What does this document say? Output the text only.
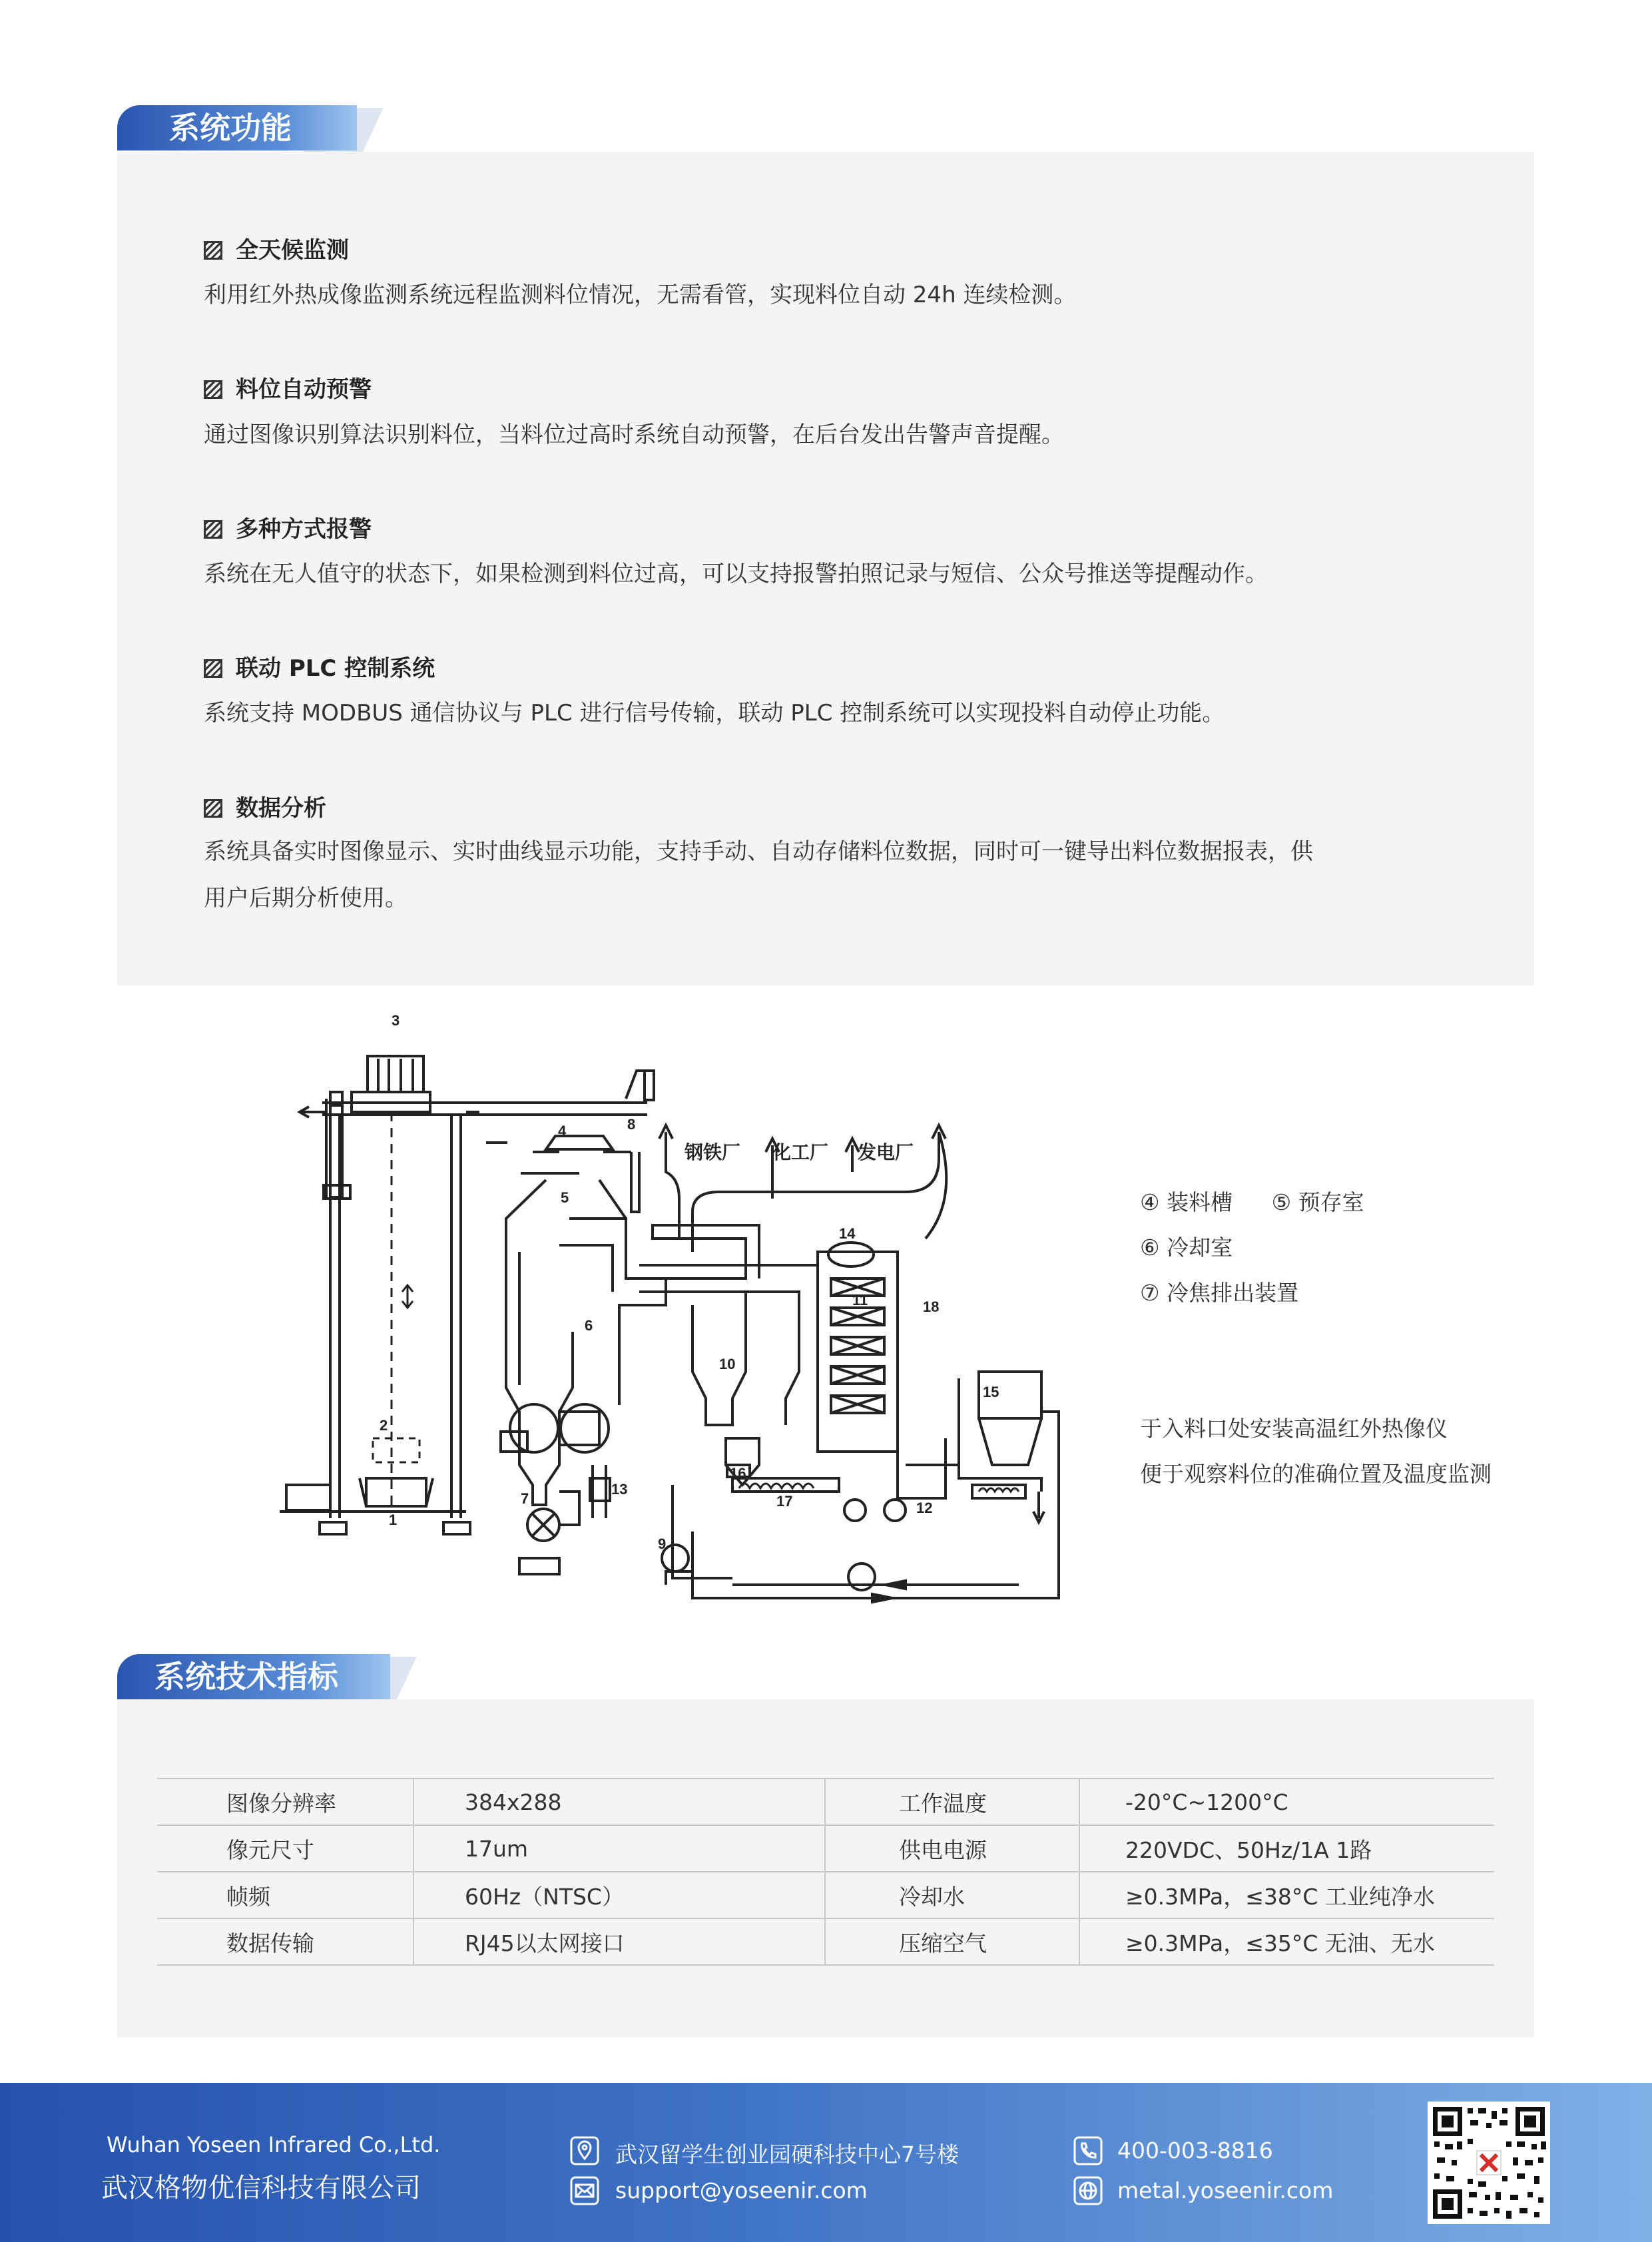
系统功能
全天候监测
利用红外热成像监测系统远程监测料位情况，无需看管，实现料位自动 24h 连续检测。
料位自动预警
通过图像识别算法识别料位，当料位过高时系统自动预警，在后台发出告警声音提醒。
多种方式报警
系统在无人值守的状态下，如果检测到料位过高，可以支持报警拍照记录与短信、公众号推送等提醒动作。
联动 PLC 控制系统
系统支持 MODBUS 通信协议与 PLC 进行信号传输，联动 PLC 控制系统可以实现投料自动停止功能。
数据分析
系统具备实时图像显示、实时曲线显示功能，支持手动、自动存储料位数据，同时可一键导出料位数据报表，供
用户后期分析使用。
1
2
3
4
5
6
7
8
9
10
11
12
13
14
15
16
17
18
钢铁厂 化工厂 发电厂
④ 装料槽 ⑤ 预存室
⑥ 冷却室
⑦ 冷焦排出装置
于入料口处安装高温红外热像仪
便于观察料位的准确位置及温度监测
系统技术指标
图像分辨率	384x288	工作温度	-20°C~1200°C
像元尺寸	17um	供电电源	220VDC、50Hz/1A 1路
帧频	60Hz（NTSC）	冷却水	≥0.3MPa，≤38°C 工业纯净水
数据传输	RJ45以太网接口	压缩空气	≥0.3MPa，≤35°C 无油、无水
Wuhan Yoseen Infrared Co.,Ltd.
武汉格物优信科技有限公司
武汉留学生创业园硬科技中心7号楼
support@yoseenir.com
400-003-8816
metal.yoseenir.com
